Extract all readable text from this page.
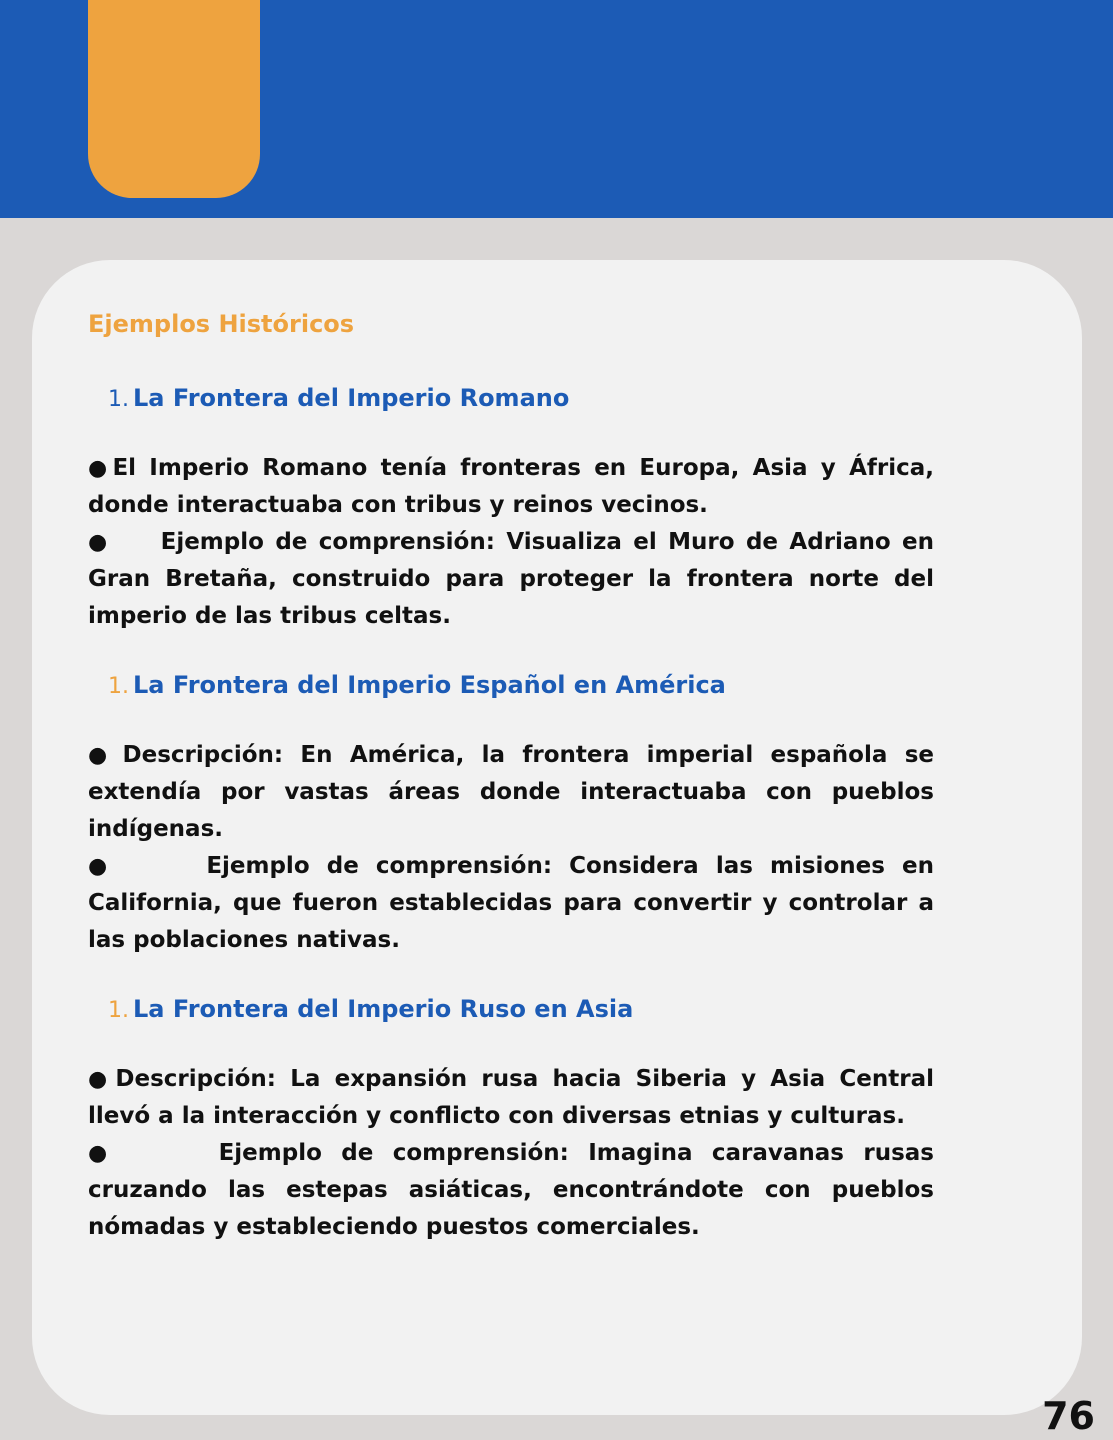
Ejemplos Históricos
1. La Frontera del Imperio Romano

●El Imperio Romano tenía fronteras en Europa, Asia y África, donde interactuaba con tribus y reinos vecinos.

● Ejemplo de comprensión: Visualiza el Muro de Adriano en Gran Bretaña, construido para proteger la frontera norte del imperio de las tribus celtas.

1. La Frontera del Imperio Español en América

● Descripción: En América, la frontera imperial española se extendía por vastas áreas donde interactuaba con pueblos indígenas.

●	Ejemplo de comprensión: Considera las misiones en California, que fueron establecidas para convertir y controlar a las poblaciones nativas.

1. La Frontera del Imperio Ruso en Asia

●Descripción: La expansión rusa hacia Siberia y Asia Central llevó a la interacción y conflicto con diversas etnias y culturas.

●	Ejemplo de comprensión: Imagina caravanas rusas cruzando las estepas asiáticas, encontrándote con pueblos nómadas y estableciendo puestos comerciales.

76
